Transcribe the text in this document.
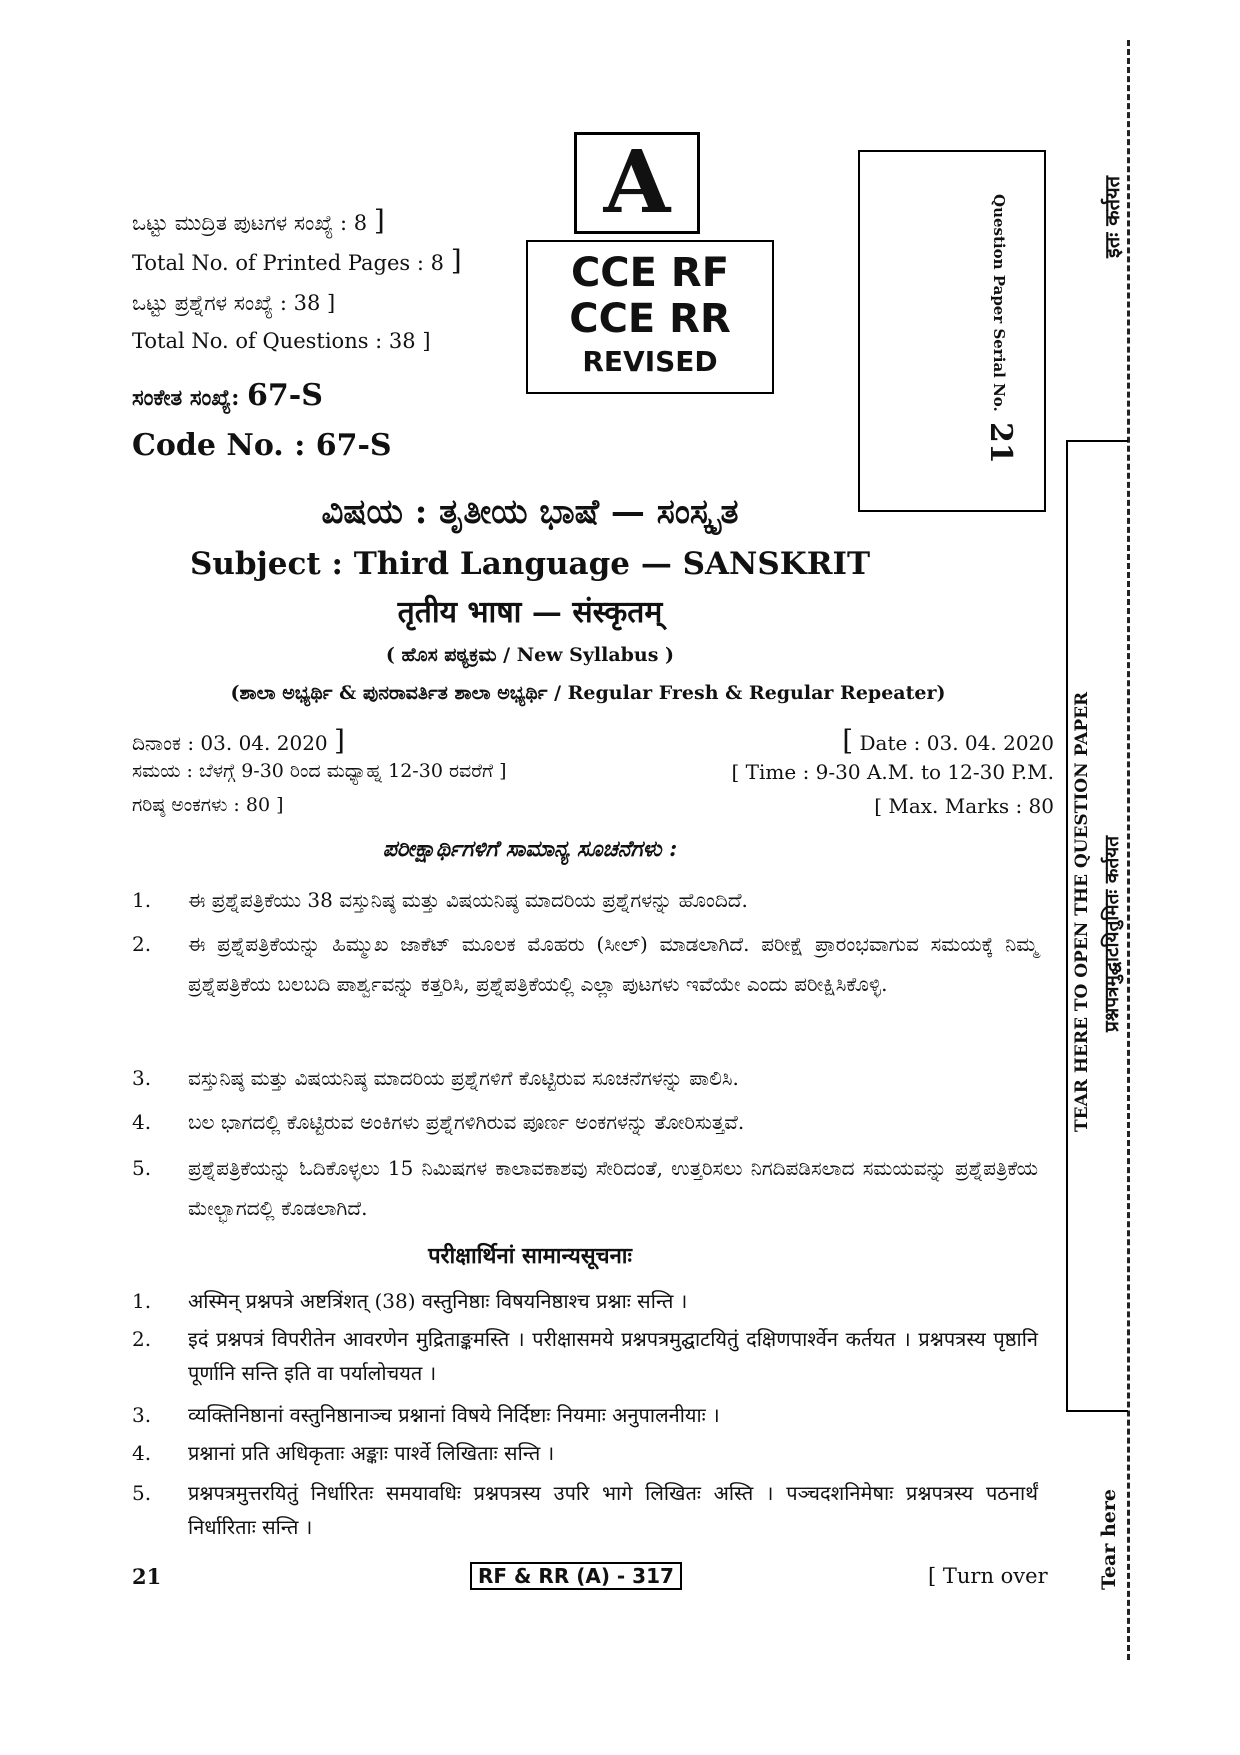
ಒಟ್ಟು ಮುದ್ರಿತ ಪುಟಗಳ ಸಂಖ್ಯೆ : 8 ]
Total No. of Printed Pages : 8 ]
ಒಟ್ಟು ಪ್ರಶ್ನೆಗಳ ಸಂಖ್ಯೆ : 38 ]
Total No. of Questions : 38 ]
ಸಂಕೇತ ಸಂಖ್ಯೆ: 67-S
Code No. : 67-S
A
CCE RF
CCE RR
REVISED	Question Paper Serial No.
21
ವಿಷಯ : ತೃತೀಯ ಭಾಷೆ — ಸಂಸ್ಕೃತ
Subject : Third Language — SANSKRIT
तृतीय भाषा — संस्कृतम्
( ಹೊಸ ಪಠ್ಯಕ್ರಮ / New Syllabus )
(ಶಾಲಾ ಅಭ್ಯರ್ಥಿ & ಪುನರಾವರ್ತಿತ ಶಾಲಾ ಅಭ್ಯರ್ಥಿ / Regular Fresh & Regular Repeater)
ದಿನಾಂಕ : 03. 04. 2020 ]	[ Date : 03. 04. 2020
ಸಮಯ : ಬೆಳಗ್ಗೆ 9-30 ರಿಂದ ಮಧ್ಯಾಹ್ನ 12-30 ರವರೆಗೆ ]	[ Time : 9-30 A.M. to 12-30 P.M.
ಗರಿಷ್ಠ ಅಂಕಗಳು : 80 ]	[ Max. Marks : 80
ಪರೀಕ್ಷಾರ್ಥಿಗಳಿಗೆ ಸಾಮಾನ್ಯ ಸೂಚನೆಗಳು :
1. ಈ ಪ್ರಶ್ನೆಪತ್ರಿಕೆಯು 38 ವಸ್ತುನಿಷ್ಠ ಮತ್ತು ವಿಷಯನಿಷ್ಠ ಮಾದರಿಯ ಪ್ರಶ್ನೆಗಳನ್ನು ಹೊಂದಿದೆ.
2. ಈ ಪ್ರಶ್ನೆಪತ್ರಿಕೆಯನ್ನು ಹಿಮ್ಮುಖ ಜಾಕೆಟ್ ಮೂಲಕ ಮೊಹರು (ಸೀಲ್) ಮಾಡಲಾಗಿದೆ. ಪರೀಕ್ಷೆ ಪ್ರಾರಂಭವಾಗುವ ಸಮಯಕ್ಕೆ ನಿಮ್ಮ ಪ್ರಶ್ನೆಪತ್ರಿಕೆಯ ಬಲಬದಿ ಪಾರ್ಶ್ವವನ್ನು ಕತ್ತರಿಸಿ, ಪ್ರಶ್ನೆಪತ್ರಿಕೆಯಲ್ಲಿ ಎಲ್ಲಾ ಪುಟಗಳು ಇವೆಯೇ ಎಂದು ಪರೀಕ್ಷಿಸಿಕೊಳ್ಳಿ.
3. ವಸ್ತುನಿಷ್ಠ ಮತ್ತು ವಿಷಯನಿಷ್ಠ ಮಾದರಿಯ ಪ್ರಶ್ನೆಗಳಿಗೆ ಕೊಟ್ಟಿರುವ ಸೂಚನೆಗಳನ್ನು ಪಾಲಿಸಿ.
4. ಬಲ ಭಾಗದಲ್ಲಿ ಕೊಟ್ಟಿರುವ ಅಂಕಿಗಳು ಪ್ರಶ್ನೆಗಳಿಗಿರುವ ಪೂರ್ಣ ಅಂಕಗಳನ್ನು ತೋರಿಸುತ್ತವೆ.
5. ಪ್ರಶ್ನೆಪತ್ರಿಕೆಯನ್ನು ಓದಿಕೊಳ್ಳಲು 15 ನಿಮಿಷಗಳ ಕಾಲಾವಕಾಶವು ಸೇರಿದಂತೆ, ಉತ್ತರಿಸಲು ನಿಗದಿಪಡಿಸಲಾದ ಸಮಯವನ್ನು ಪ್ರಶ್ನೆಪತ್ರಿಕೆಯ ಮೇಲ್ಭಾಗದಲ್ಲಿ ಕೊಡಲಾಗಿದೆ.
परीक्षार्थिनां सामान्यसूचनाः
1. अस्मिन् प्रश्नपत्रे अष्टत्रिंशत् (38) वस्तुनिष्ठाः विषयनिष्ठाश्च प्रश्नाः सन्ति ।
2. इदं प्रश्नपत्रं विपरीतेन आवरणेन मुद्रिताङ्कमस्ति । परीक्षासमये प्रश्नपत्रमुद्घाटयितुं दक्षिणपार्श्वेन कर्तयत । प्रश्नपत्रस्य पृष्ठानि पूर्णानि सन्ति इति वा पर्यालोचयत ।
3. व्यक्तिनिष्ठानां वस्तुनिष्ठानाञ्च प्रश्नानां विषये निर्दिष्टाः नियमाः अनुपालनीयाः ।
4. प्रश्नानां प्रति अधिकृताः अङ्काः पार्श्वे लिखिताः सन्ति ।
5. प्रश्नपत्रमुत्तरयितुं निर्धारितः समयावधिः प्रश्नपत्रस्य उपरि भागे लिखितः अस्ति । पञ्चदशनिमेषाः प्रश्नपत्रस्य पठनार्थं निर्धारिताः सन्ति ।
21	RF & RR (A) - 317	[ Turn over
इतः कर्तयत
TEAR HERE TO OPEN THE QUESTION PAPER प्रश्नपत्रमुद्घाटयितुमितः कर्तयत
Tear here
